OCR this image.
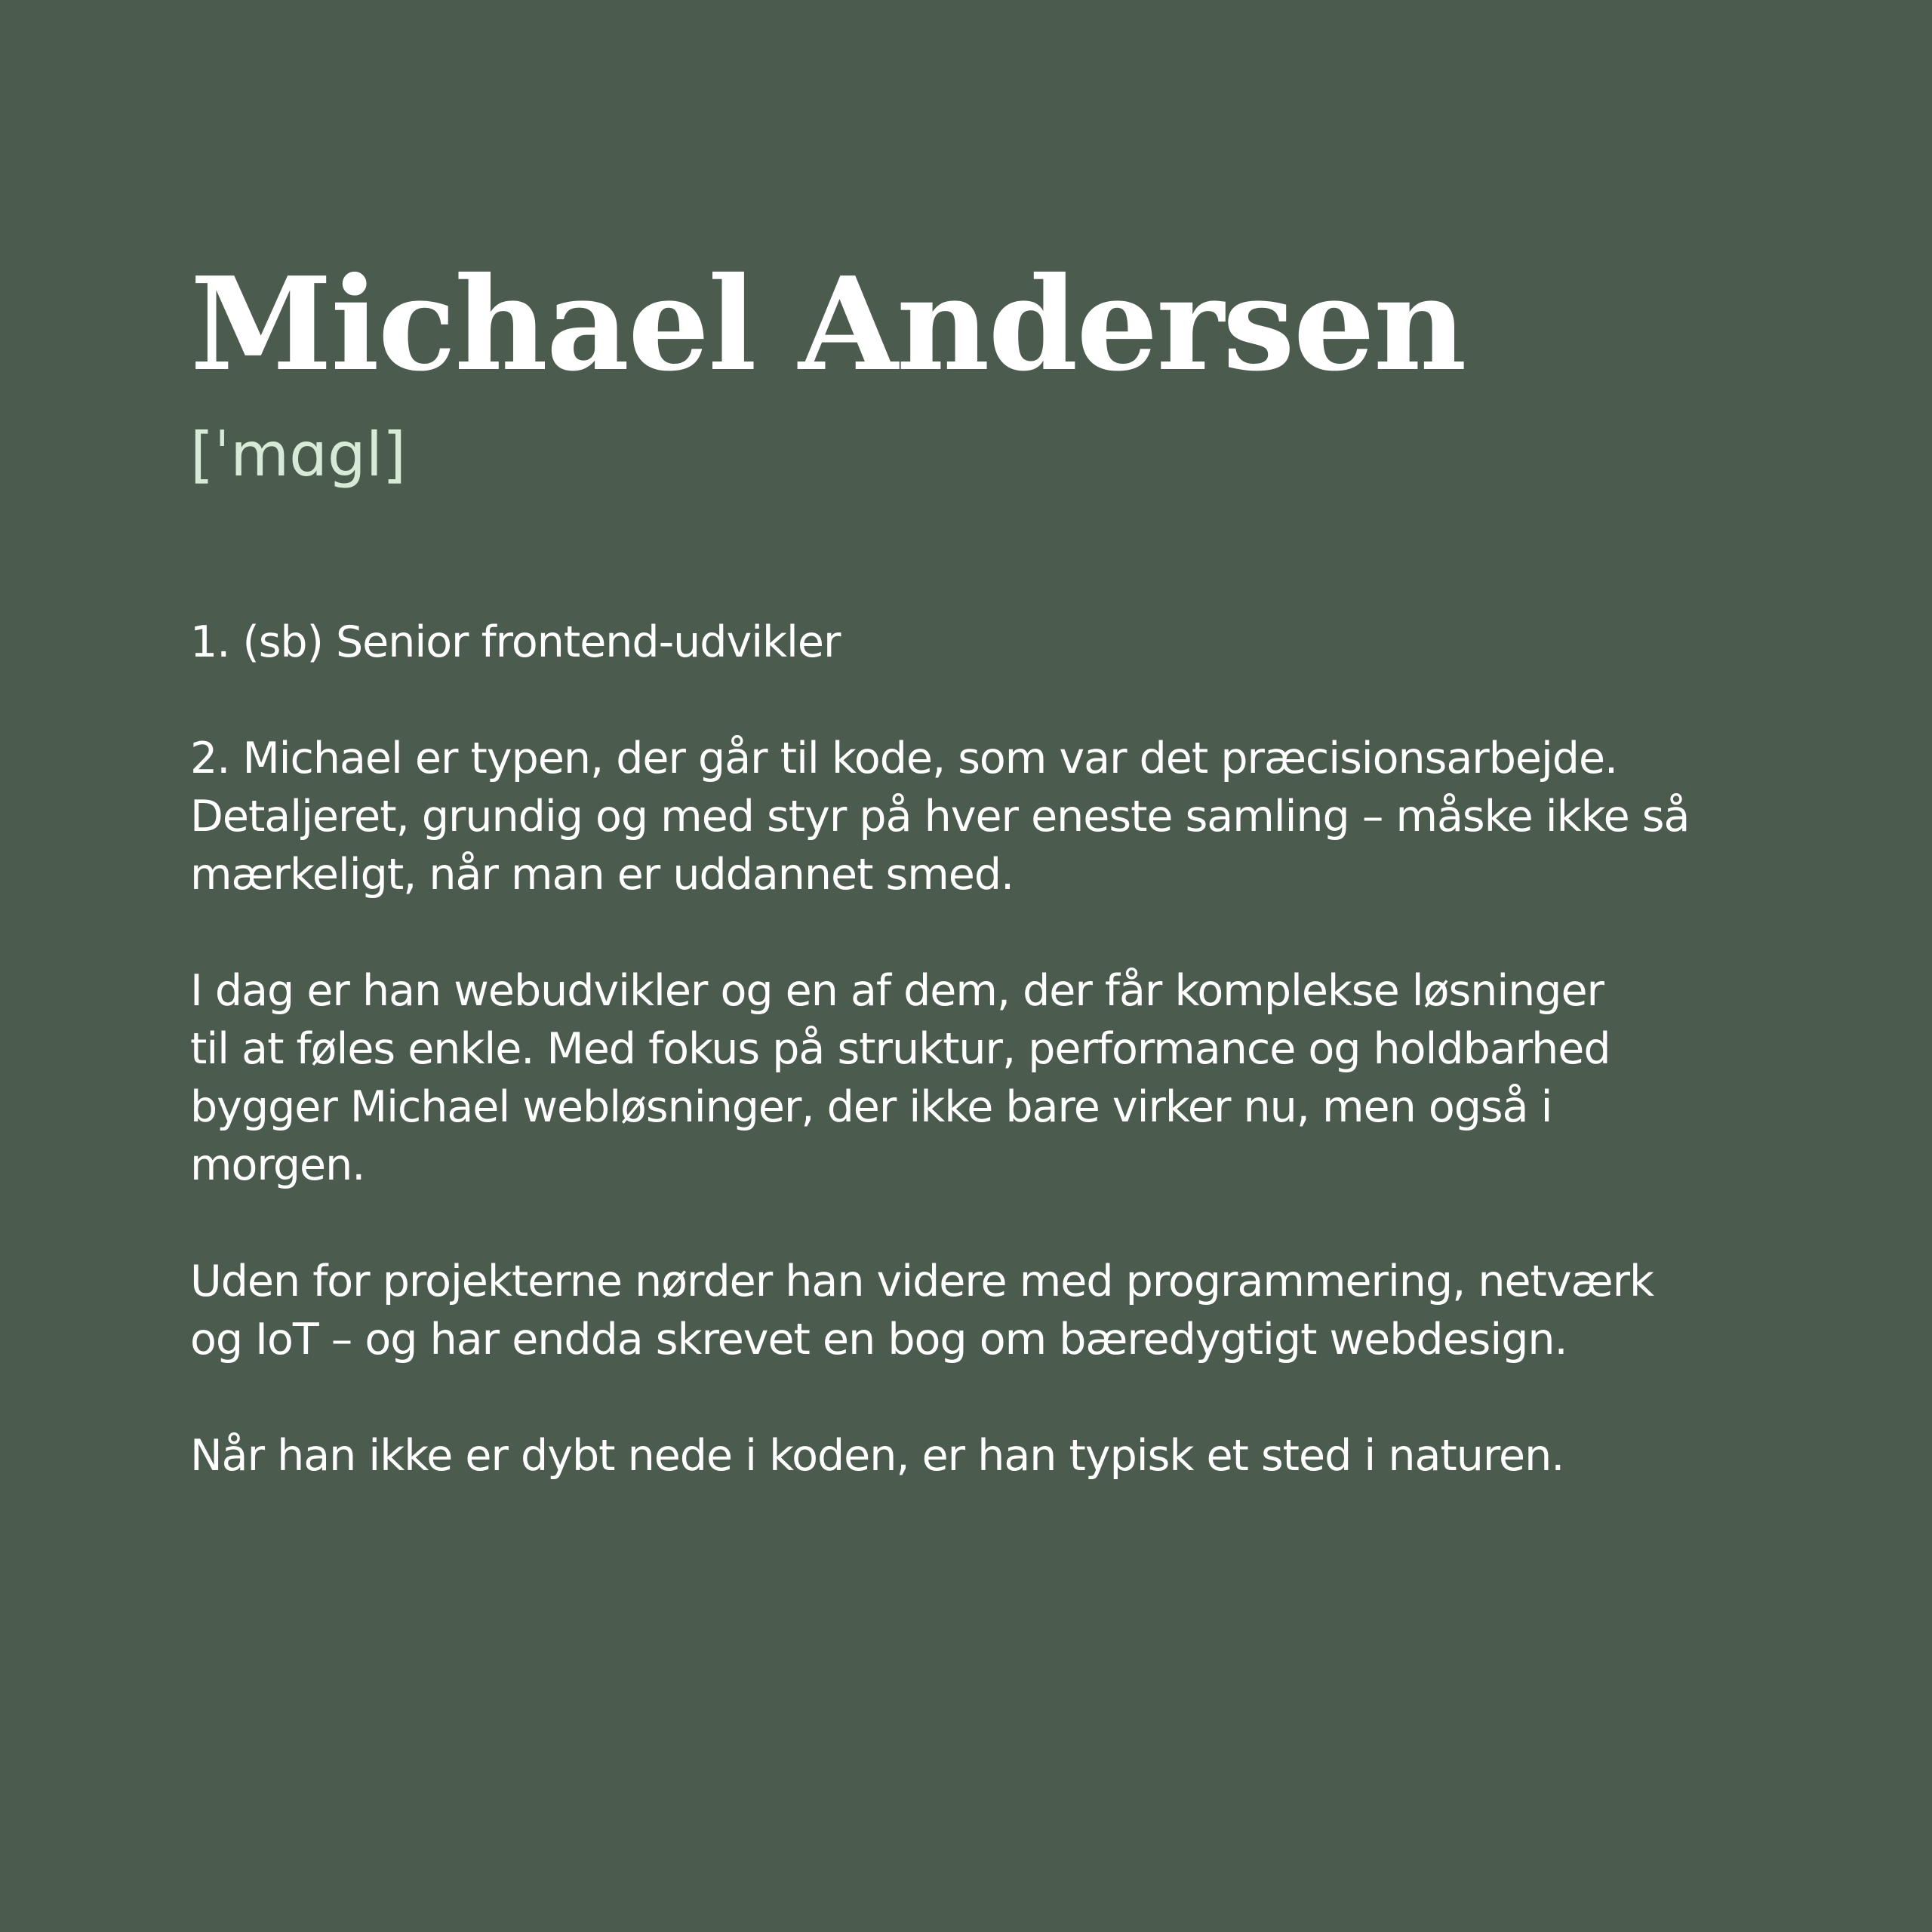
Michael Andersen
[ˈmɑgl]

1. (sb) Senior frontend-udvikler

2. Michael er typen, der går til kode, som var det præcisionsarbejde.
Detaljeret, grundig og med styr på hver eneste samling – måske ikke så
mærkeligt, når man er uddannet smed.

I dag er han webudvikler og en af dem, der får komplekse løsninger
til at føles enkle. Med fokus på struktur, performance og holdbarhed
bygger Michael webløsninger, der ikke bare virker nu, men også i
morgen.

Uden for projekterne nørder han videre med programmering, netværk
og IoT – og har endda skrevet en bog om bæredygtigt webdesign.

Når han ikke er dybt nede i koden, er han typisk et sted i naturen.
